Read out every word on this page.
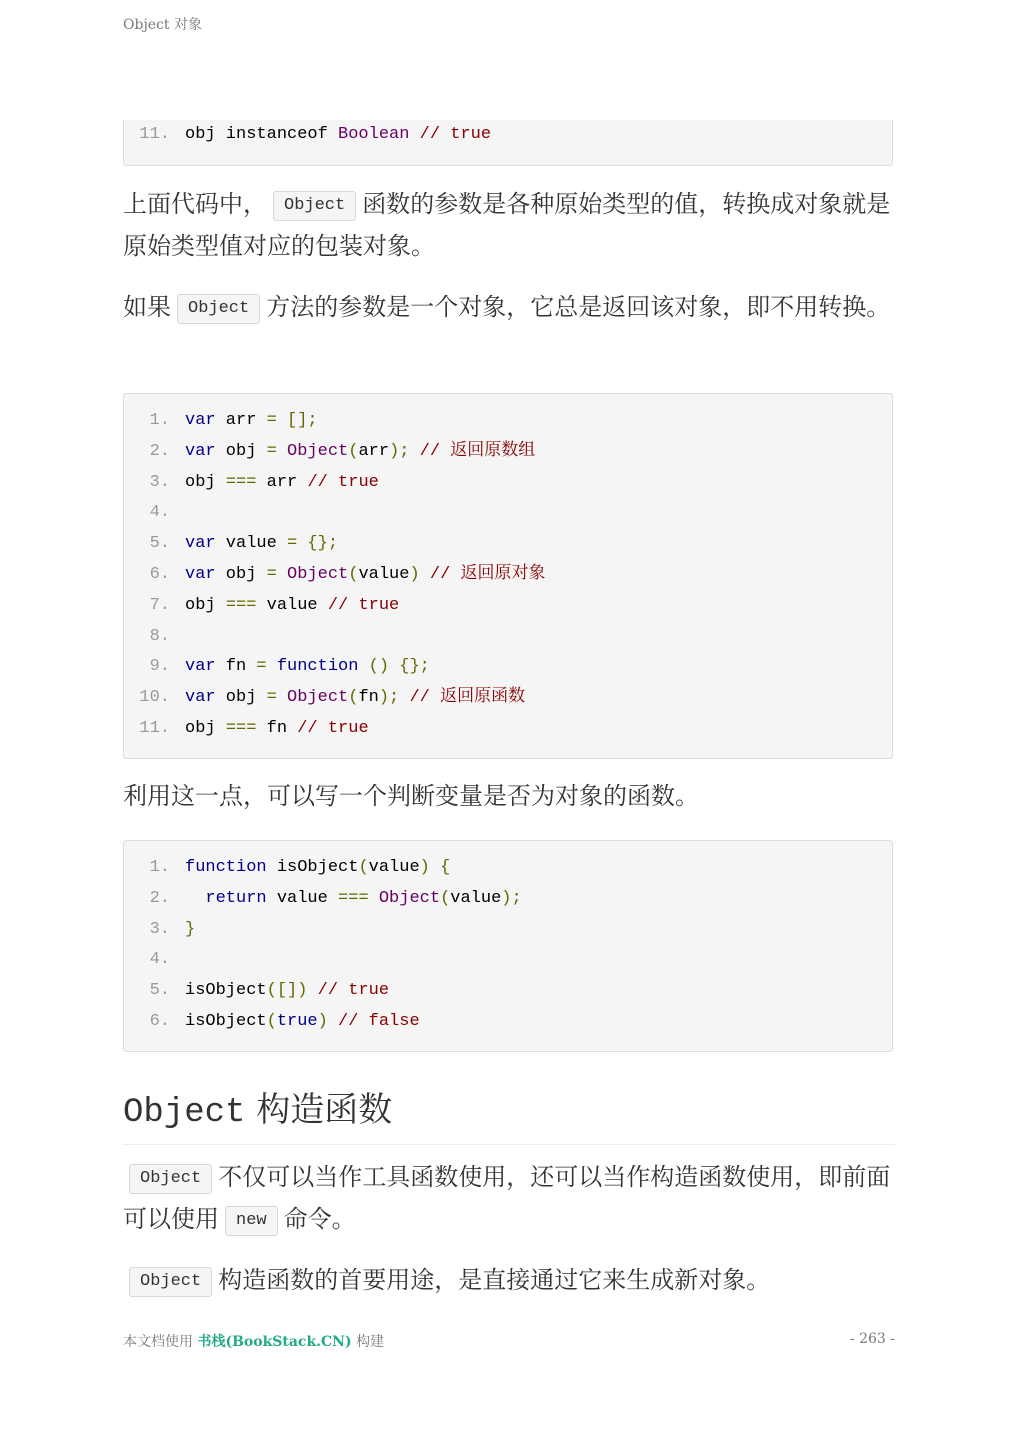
Object 对象
11. obj instanceof Boolean // true
上面代码中， Object 函数的参数是各种原始类型的值，转换成对象就是原始类型值对应的包装对象。
如果 Object 方法的参数是一个对象，它总是返回该对象，即不用转换。
1. var arr = [];
2. var obj = Object(arr); // 返回原数组
3. obj === arr // true
4.
5. var value = {};
6. var obj = Object(value) // 返回原对象
7. obj === value // true
8.
9. var fn = function () {};
10. var obj = Object(fn); // 返回原函数
11. obj === fn // true
利用这一点，可以写一个判断变量是否为对象的函数。
1. function isObject(value) {
2.	return value === Object(value);
3. }
4.
5. isObject([]) // true
6. isObject(true) // false
Object 构造函数
Object 不仅可以当作工具函数使用，还可以当作构造函数使用，即前面可以使用 new 命令。
Object 构造函数的首要用途，是直接通过它来生成新对象。
本文档使用 书栈(BookStack.CN) 构建	- 263 -
